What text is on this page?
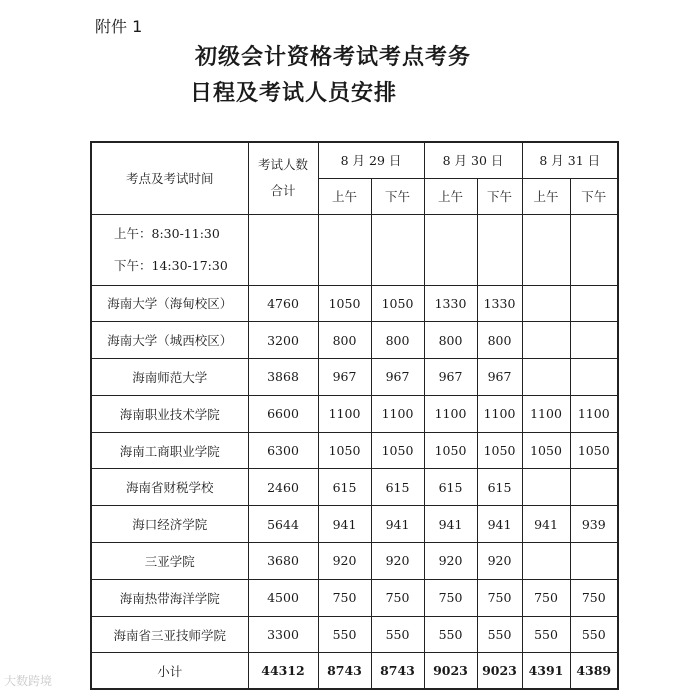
附件 1
初级会计资格考试考点考务
日程及考试人员安排
考点及考试时间	考试人数
合计	8 月 29 日		8 月 30 日		8 月 31 日	
		上午	下午	上午	下午	上午	下午
上午：8:30-11:30
下午：14:30-17:30							
海南大学（海甸校区）	4760	1050	1050	1330	1330		
海南大学（城西校区）	3200	800	800	800	800		
海南师范大学	3868	967	967	967	967		
海南职业技术学院	6600	1100	1100	1100	1100	1100	1100
海南工商职业学院	6300	1050	1050	1050	1050	1050	1050
海南省财税学校	2460	615	615	615	615		
海口经济学院	5644	941	941	941	941	941	939
三亚学院	3680	920	920	920	920		
海南热带海洋学院	4500	750	750	750	750	750	750
海南省三亚技师学院	3300	550	550	550	550	550	550
小计	44312	8743	8743	9023	9023	4391	4389
大数跨境
